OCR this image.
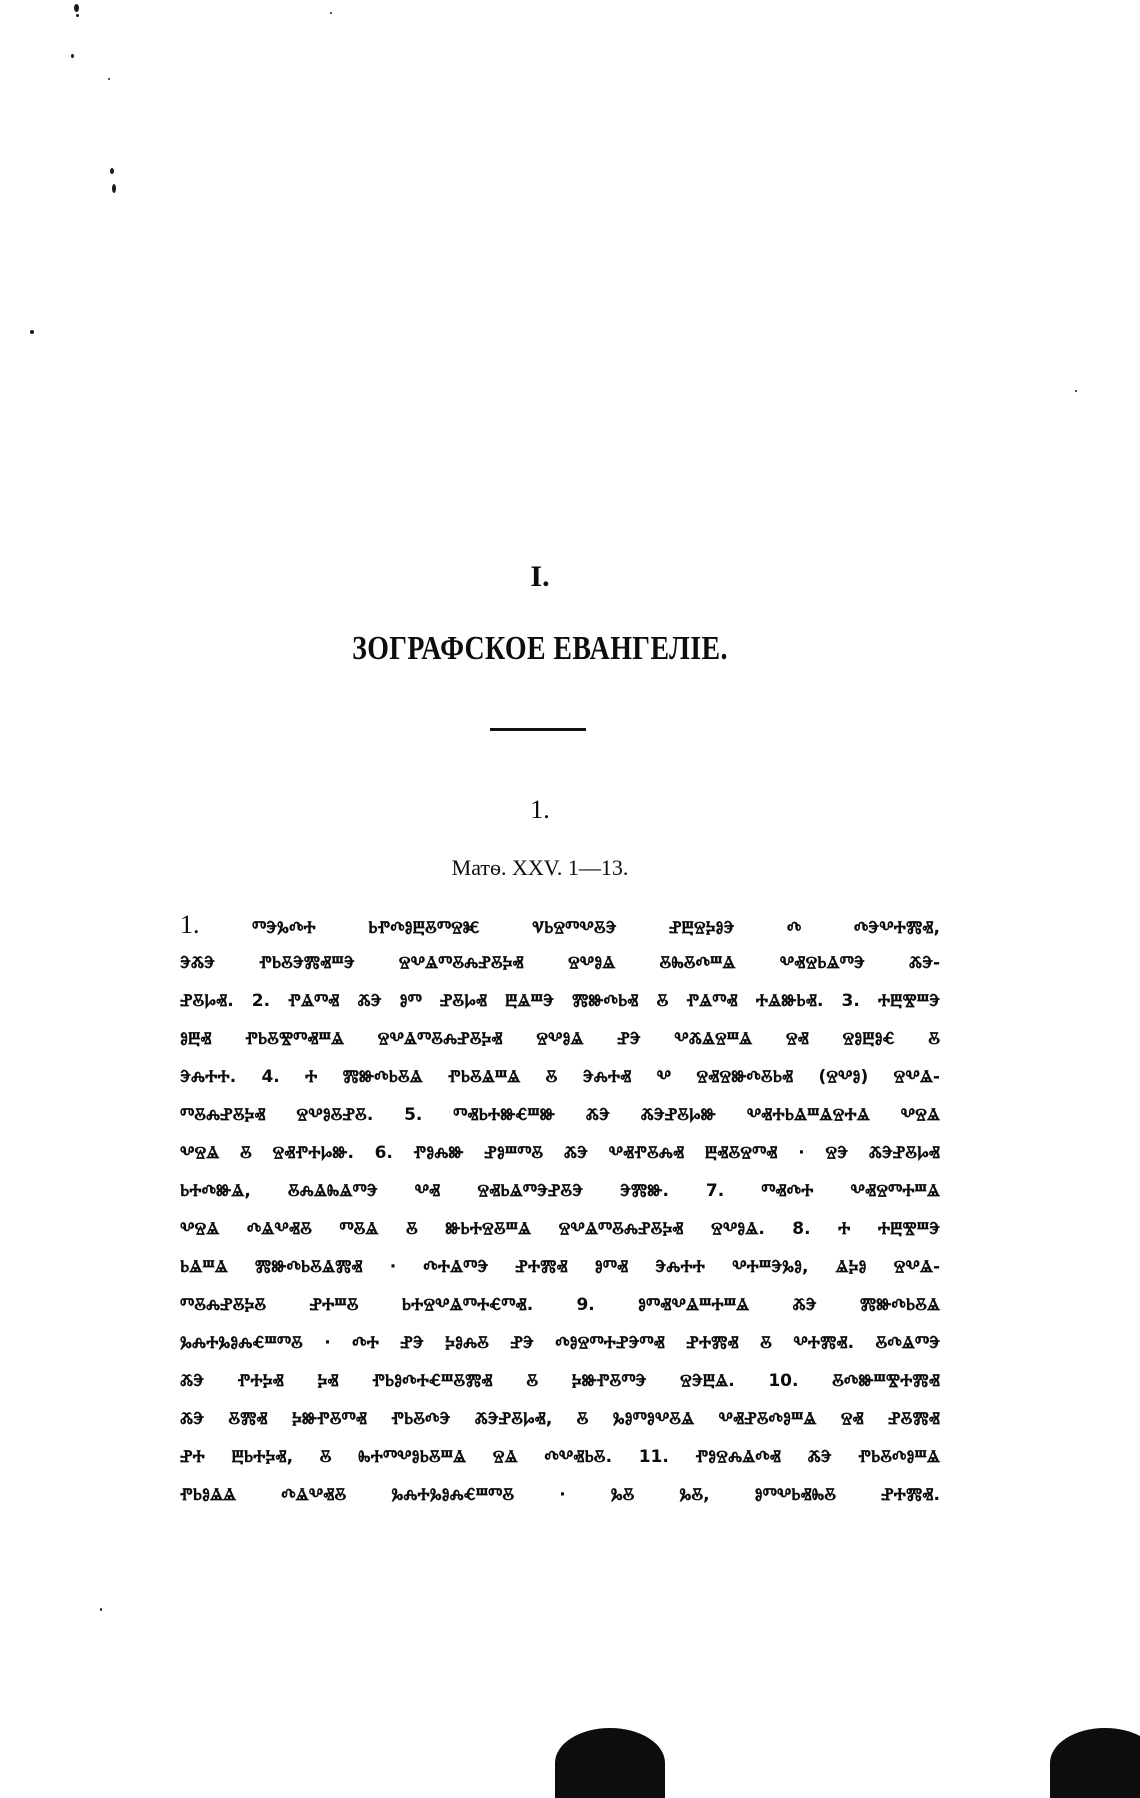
I.
ЗОГРАФСКОЕ ЕВАНГЕЛІЕ.
1.
Матѳ. XXV. 1—13.
1. ⰕⰅⰃⰄⰀ ⰓⰒⰄⰑⰁⰋⰕⰔⰨ ⰜⰓⰔⰕⰂⰋⰅ ⰐⰁⰔⰍⰑⰅ Ⰴ ⰄⰅⰂⰀⰏⰟ,
ⰅⰆⰅ ⰒⰓⰋⰅⰏⰟⰞⰅ ⰔⰂⰡⰕⰋⰎⰐⰋⰍⰟ ⰔⰂⰑⰡ ⰋⰈⰋⰄⰞⰡ ⰂⰟⰔⰓⰡⰕⰅ ⰆⰅ-
ⰐⰋⰘⰟ. 2. ⰒⰡⰕⰟ ⰆⰅ ⰑⰕ ⰐⰋⰘⰟ ⰁⰡⰞⰅ ⰏⰖⰄⰓⰟ Ⰻ ⰒⰡⰕⰟ ⰀⰡⰖⰓⰟ. 3. ⰀⰁⰊⰞⰅ
ⰑⰁⰟ ⰒⰓⰋⰊⰕⰟⰞⰡ ⰔⰂⰡⰕⰋⰎⰐⰋⰍⰟ ⰔⰂⰑⰡ ⰐⰅ ⰂⰆⰡⰔⰞⰡ ⰔⰟ ⰔⰑⰁⰑⰤ Ⰻ
ⰅⰎⰀⰀ. 4. Ⰰ ⰏⰖⰄⰓⰋⰡ ⰒⰓⰋⰡⰞⰡ Ⰻ ⰅⰎⰀⰟ Ⰲ ⰔⰟⰔⰖⰄⰋⰓⰟ (ⰔⰂⰑ) ⰔⰂⰡ-
ⰕⰋⰎⰐⰋⰍⰟ ⰔⰂⰑⰋⰐⰋ. 5. ⰕⰟⰓⰀⰖⰤⰞⰖ ⰆⰅ ⰆⰅⰐⰋⰘⰖ ⰂⰟⰀⰓⰡⰞⰡⰔⰀⰡ ⰂⰔⰡ
ⰂⰔⰡ Ⰻ ⰔⰟⰒⰀⰘⰖ. 6. ⰒⰑⰎⰖ ⰐⰑⰞⰕⰋ ⰆⰅ ⰂⰟⰒⰋⰎⰟ ⰁⰟⰋⰔⰕⰟ · ⰔⰅ ⰆⰅⰐⰋⰘⰟ
ⰓⰀⰄⰖⰡ, ⰋⰎⰡⰈⰡⰕⰅ ⰂⰟ ⰔⰟⰓⰡⰕⰅⰐⰋⰅ ⰅⰏⰖ. 7. ⰕⰟⰄⰀ ⰂⰟⰔⰕⰀⰞⰡ
ⰂⰔⰡ ⰄⰡⰂⰟⰋ ⰕⰋⰡ Ⰻ ⰖⰓⰀⰔⰋⰞⰡ ⰔⰂⰡⰕⰋⰎⰐⰋⰍⰟ ⰔⰂⰑⰡ. 8. Ⰰ ⰀⰁⰊⰞⰅ
ⰓⰡⰞⰡ ⰏⰖⰄⰓⰋⰡⰏⰟ · ⰄⰀⰡⰕⰅ ⰐⰀⰏⰟ ⰑⰕⰟ ⰅⰎⰀⰀ ⰂⰀⰞⰅⰃⰑ, ⰡⰍⰑ ⰔⰂⰡ-
ⰕⰋⰎⰐⰋⰍⰋ ⰐⰀⰞⰋ ⰓⰀⰔⰂⰡⰕⰀⰤⰕⰟ. 9. ⰑⰕⰟⰂⰡⰞⰀⰞⰡ ⰆⰅ ⰏⰖⰄⰓⰋⰡ
ⰃⰎⰀⰃⰑⰎⰤⰞⰕⰋ · ⰄⰀ ⰐⰅ ⰍⰑⰎⰋ ⰐⰅ ⰄⰑⰔⰕⰀⰐⰅⰕⰟ ⰐⰀⰏⰟ Ⰻ ⰂⰀⰏⰟ. ⰋⰄⰡⰕⰅ
ⰆⰅ ⰒⰀⰍⰟ ⰍⰟ ⰒⰓⰑⰄⰀⰤⰞⰋⰏⰟ Ⰻ ⰍⰖⰒⰋⰕⰅ ⰔⰅⰁⰡ. 10. ⰋⰄⰖⰞⰊⰀⰏⰟ
ⰆⰅ ⰋⰏⰟ ⰍⰖⰒⰋⰕⰟ ⰒⰓⰋⰄⰅ ⰆⰅⰐⰋⰘⰟ, Ⰻ ⰃⰑⰕⰑⰂⰋⰡ ⰂⰟⰐⰋⰄⰑⰞⰡ ⰔⰟ ⰐⰋⰏⰟ
ⰐⰀ ⰁⰓⰀⰍⰟ, Ⰻ ⰈⰀⰕⰂⰑⰓⰋⰞⰡ ⰔⰡ ⰄⰂⰟⰓⰋ. 11. ⰒⰑⰔⰎⰡⰄⰟ ⰆⰅ ⰒⰓⰋⰄⰑⰞⰡ
ⰒⰓⰑⰡⰡ ⰄⰡⰂⰟⰋ ⰃⰎⰀⰃⰑⰎⰤⰞⰕⰋ · ⰃⰋ ⰃⰋ, ⰑⰕⰂⰓⰟⰈⰋ ⰐⰀⰏⰟ.
